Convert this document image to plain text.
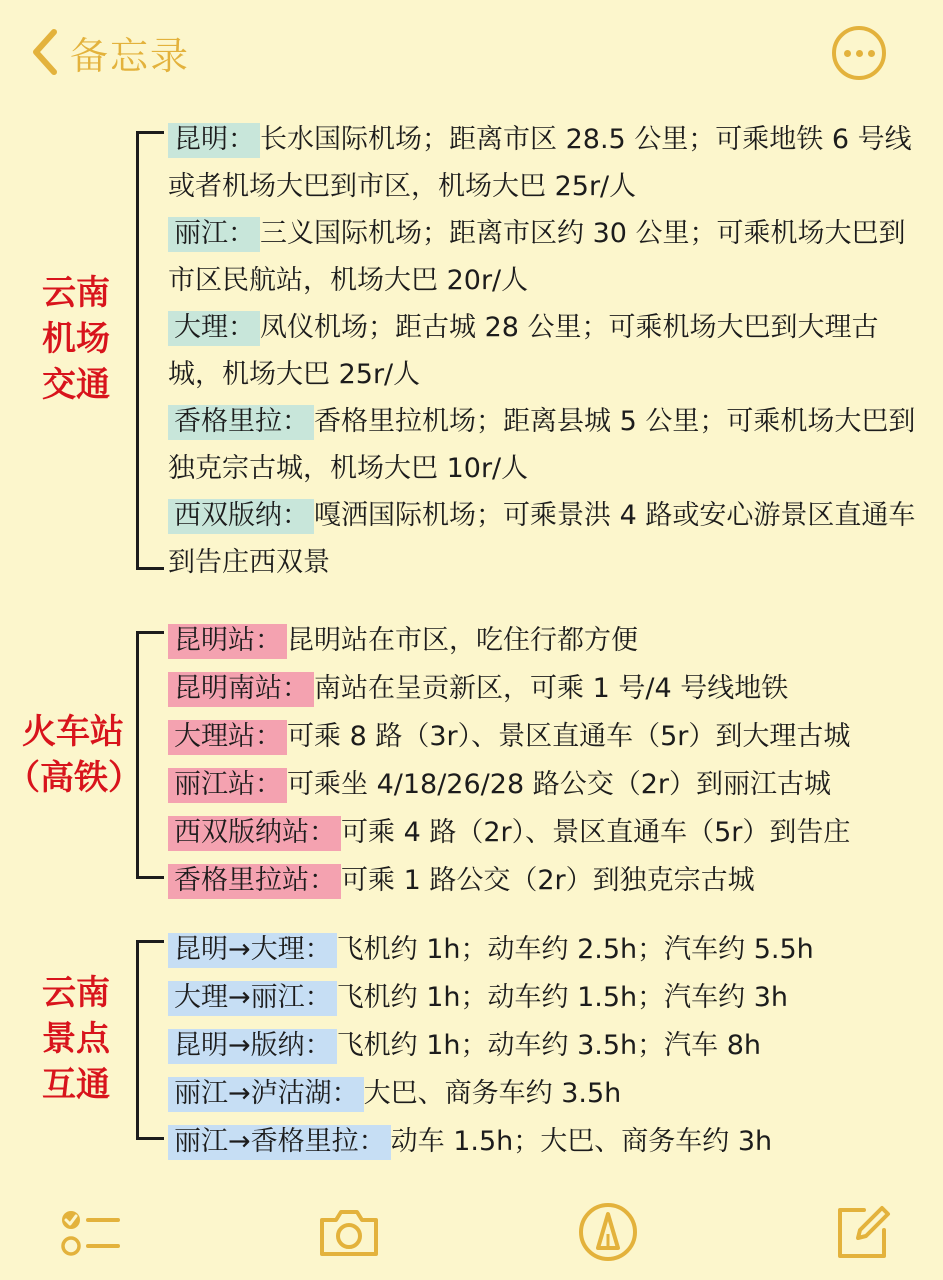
备忘录
云南
机场
交通

昆明： 长水国际机场；距离市区 28.5 公里；可乘地铁 6 号线或者机场大巴到市区，机场大巴 25r/人

丽江： 三义国际机场；距离市区约 30 公里；可乘机场大巴到市区民航站，机场大巴 20r/人

大理： 凤仪机场；距古城 28 公里；可乘机场大巴到大理古城，机场大巴 25r/人

香格里拉： 香格里拉机场；距离县城 5 公里；可乘机场大巴到独克宗古城，机场大巴 10r/人

西双版纳： 嘎洒国际机场；可乘景洪 4 路或安心游景区直通车到告庄西双景

火车站
（高铁）

昆明站： 昆明站在市区，吃住行都方便

昆明南站： 南站在呈贡新区，可乘 1 号/4 号线地铁

大理站： 可乘 8 路（3r）、景区直通车（5r）到大理古城

丽江站： 可乘坐 4/18/26/28 路公交（2r）到丽江古城

西双版纳站： 可乘 4 路（2r）、景区直通车（5r）到告庄

香格里拉站： 可乘 1 路公交（2r）到独克宗古城

云南
景点
互通

昆明→大理： 飞机约 1h；动车约 2.5h；汽车约 5.5h

大理→丽江： 飞机约 1h；动车约 1.5h；汽车约 3h

昆明→版纳： 飞机约 1h；动车约 3.5h；汽车 8h

丽江→泸沽湖： 大巴、商务车约 3.5h

丽江→香格里拉： 动车 1.5h；大巴、商务车约 3h
